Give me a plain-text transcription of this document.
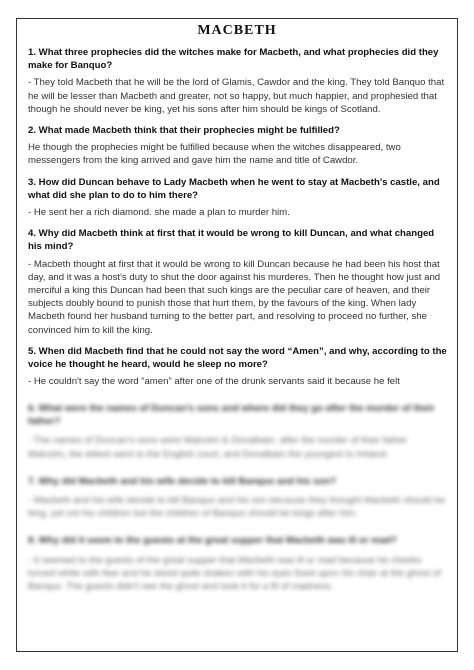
MACBETH

1. What three prophecies did the witches make for Macbeth, and what prophecies did they make for Banquo?

- They told Macbeth that he will be the lord of Glamis, Cawdor and the king. They told Banquo that he will be lesser than Macbeth and greater, not so happy, but much happier, and prophesied that though he should never be king, yet his sons after him should be kings of Scotland.

2. What made Macbeth think that their prophecies might be fulfilled?

He though the prophecies might be fulfilled because when the witches disappeared, two messengers from the king arrived and gave him the name and title of Cawdor.

3. How did Duncan behave to Lady Macbeth when he went to stay at Macbeth's castle, and what did she plan to do to him there?

- He sent her a rich diamond. she made a plan to murder him.

4. Why did Macbeth think at first that it would be wrong to kill Duncan, and what changed his mind?

- Macbeth thought at first that it would be wrong to kill Duncan because he had been his host that day, and it was a host's duty to shut the door against his murderes. Then he thought how just and merciful a king this Duncan had been that such kings are the peculiar care of heaven, and their subjects doubly bound to punish those that hurt them, by the favours of the king. When lady Macbeth found her husband turning to the better part, and resolving to proceed no further, she convinced him to kill the king.

5. When did Macbeth find that he could not say the word “Amen”, and why, according to the voice he thought he heard, would he sleep no more?

- He couldn't say the word “amen” after one of the drunk servants said it because he felt

6. What were the names of Duncan's sons and where did they go after the murder of their father?

- The names of Duncan's sons were Malcolm & Donalbain. after the murder of their father Malcolm, the eldest went to the English court, and Donalbain the youngest to Ireland.

7. Why did Macbeth and his wife decide to kill Banquo and his son?

- Macbeth and his wife decide to kill Banquo and his son because they thought Macbeth should be king, yet not his children but the children of Banquo should be kings after him.

8. Why did it seem to the guests at the great supper that Macbeth was ill or mad?

- It seemed to the guests of the great supper that Macbeth was ill or mad because he cheeks turned white with fear and he stood quite shaken with his eyes fixed upon his chair at the ghost of Banquo. The guests didn't see the ghost and took it for a fit of madness.
